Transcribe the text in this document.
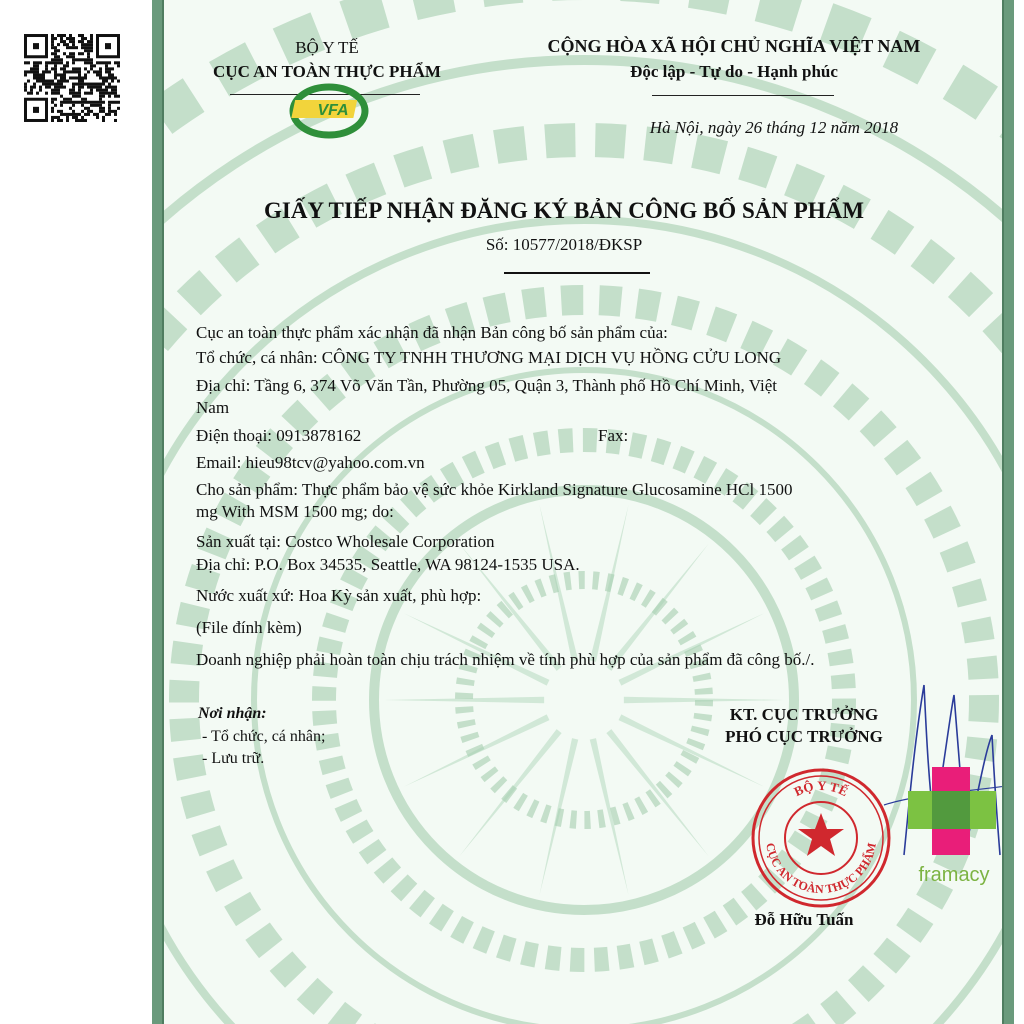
BỘ Y TẾ
CỤC AN TOÀN THỰC PHẨM
VFA
CỘNG HÒA XÃ HỘI CHỦ NGHĨA VIỆT NAM
Độc lập - Tự do - Hạnh phúc
Hà Nội, ngày 26 tháng 12 năm 2018
GIẤY TIẾP NHẬN ĐĂNG KÝ BẢN CÔNG BỐ SẢN PHẨM
Số: 10577/2018/ĐKSP
Cục an toàn thực phẩm xác nhận đã nhận Bản công bố sản phẩm của:
Tổ chức, cá nhân: CÔNG TY TNHH THƯƠNG MẠI DỊCH VỤ HỒNG CỬU LONG
Địa chỉ: Tầng 6, 374 Võ Văn Tần, Phường 05, Quận 3, Thành phố Hồ Chí Minh, Việt
Nam
Điện thoại: 0913878162	Fax:
Email: hieu98tcv@yahoo.com.vn
Cho sản phẩm: Thực phẩm bảo vệ sức khỏe Kirkland Signature Glucosamine HCl 1500
mg With MSM 1500 mg; do:
Sản xuất tại: Costco Wholesale Corporation
Địa chỉ: P.O. Box 34535, Seattle, WA 98124-1535 USA.
Nước xuất xứ: Hoa Kỳ sản xuất, phù hợp:
(File đính kèm)
Doanh nghiệp phải hoàn toàn chịu trách nhiệm về tính phù hợp của sản phẩm đã công bố./.
Nơi nhận:
- Tổ chức, cá nhân;
- Lưu trữ.
KT. CỤC TRƯỞNG
PHÓ CỤC TRƯỞNG
BỘ Y TẾ
CỤC AN TOÀN THỰC PHẨM
framacy
Đỗ Hữu Tuấn
